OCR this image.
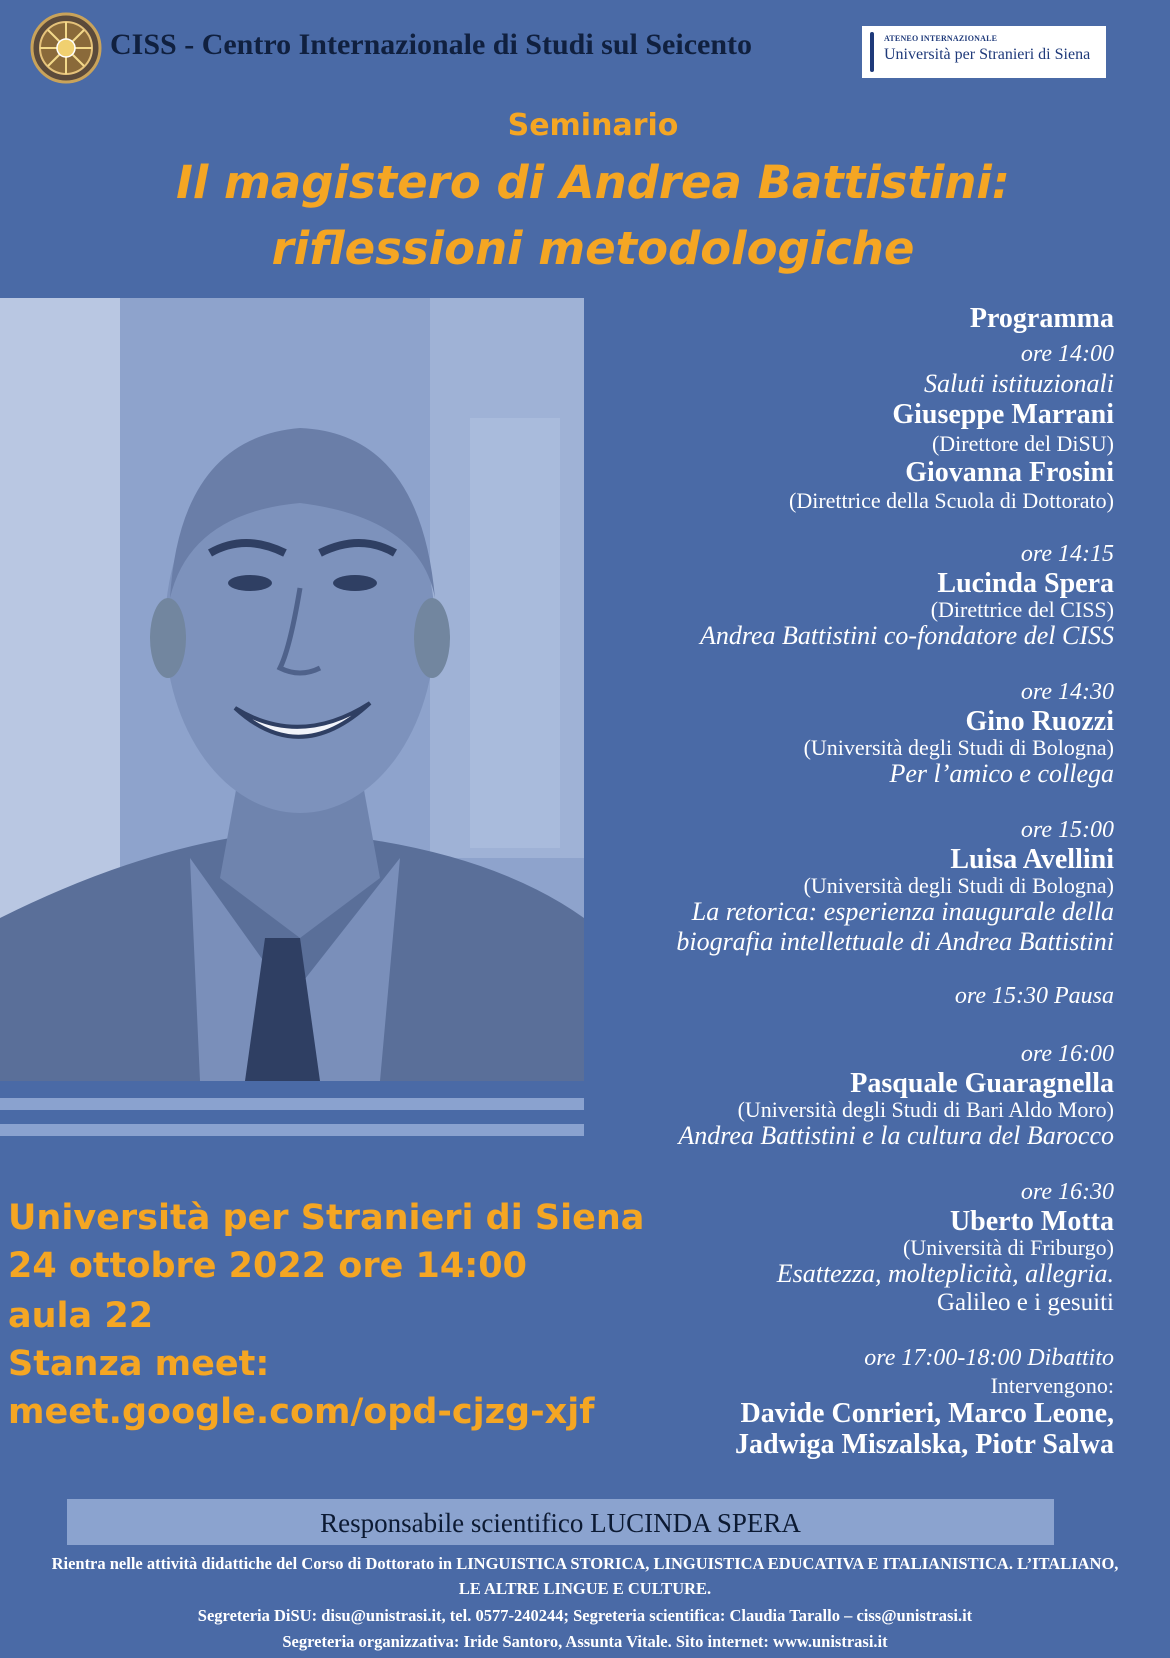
CISS - Centro Internazionale di Studi sul Seicento	ATENEO INTERNAZIONALE
Università per Stranieri di Siena
Seminario
Il magistero di Andrea Battistini:
riflessioni metodologiche
Università per Stranieri di Siena
24 ottobre 2022 ore 14:00
aula 22
Stanza meet:
meet.google.com/opd-cjzg-xjf
Programma
ore 14:00
Saluti istituzionali
Giuseppe Marrani
(Direttore del DiSU)
Giovanna Frosini
(Direttrice della Scuola di Dottorato)
ore 14:15
Lucinda Spera
(Direttrice del CISS)
Andrea Battistini co-fondatore del CISS
ore 14:30
Gino Ruozzi
(Università degli Studi di Bologna)
Per l’amico e collega
ore 15:00
Luisa Avellini
(Università degli Studi di Bologna)
La retorica: esperienza inaugurale della
biografia intellettuale di Andrea Battistini
ore 15:30 Pausa
ore 16:00
Pasquale Guaragnella
(Università degli Studi di Bari Aldo Moro)
Andrea Battistini e la cultura del Barocco
ore 16:30
Uberto Motta
(Università di Friburgo)
Esattezza, molteplicità, allegria.
Galileo e i gesuiti
ore 17:00-18:00 Dibattito
Intervengono:
Davide Conrieri, Marco Leone,
Jadwiga Miszalska, Piotr Salwa
Responsabile scientifico LUCINDA SPERA
Rientra nelle attività didattiche del Corso di Dottorato in LINGUISTICA STORICA, LINGUISTICA EDUCATIVA E ITALIANISTICA. L’ITALIANO,
LE ALTRE LINGUE E CULTURE.
Segreteria DiSU: disu@unistrasi.it, tel. 0577-240244; Segreteria scientifica: Claudia Tarallo – ciss@unistrasi.it
Segreteria organizzativa: Iride Santoro, Assunta Vitale. Sito internet: www.unistrasi.it
